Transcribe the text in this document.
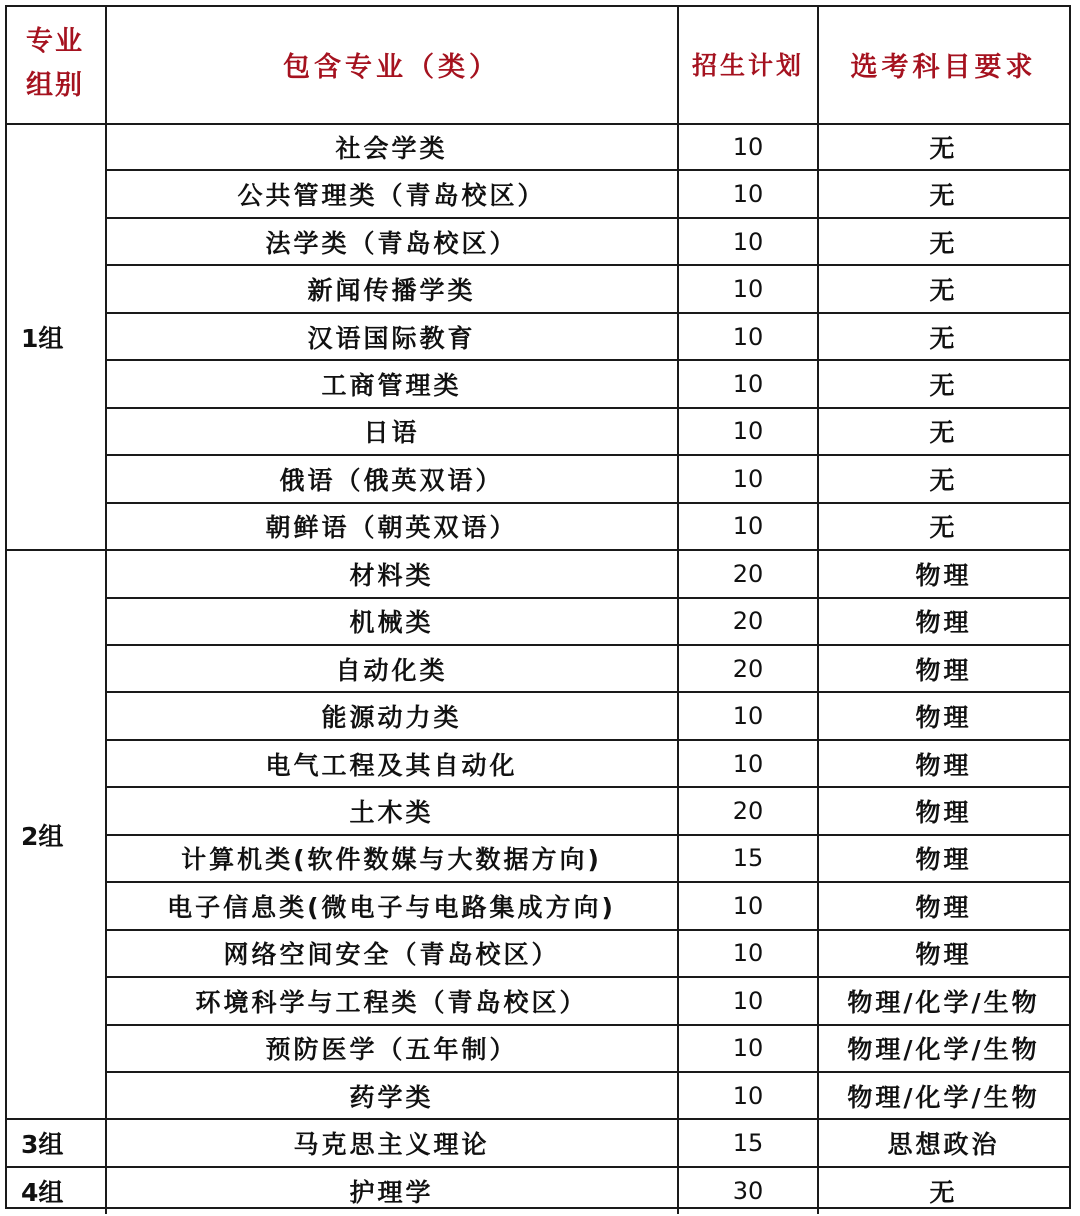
专业
组别
包含专业（类）	招生计划	选考科目要求
1组
社会学类	10	无
公共管理类（青岛校区）	10	无
法学类（青岛校区）	10	无
新闻传播学类	10	无
汉语国际教育	10	无
工商管理类	10	无
日语	10	无
俄语（俄英双语）	10	无
朝鲜语（朝英双语）	10	无
2组
材料类	20	物理
机械类	20	物理
自动化类	20	物理
能源动力类	10	物理
电气工程及其自动化	10	物理
土木类	20	物理
计算机类(软件数媒与大数据方向)	15	物理
电子信息类(微电子与电路集成方向)	10	物理
网络空间安全（青岛校区）	10	物理
环境科学与工程类（青岛校区）	10	物理/化学/生物
预防医学（五年制）	10	物理/化学/生物
药学类	10	物理/化学/生物
3组	马克思主义理论	15	思想政治
4组	护理学	30	无
